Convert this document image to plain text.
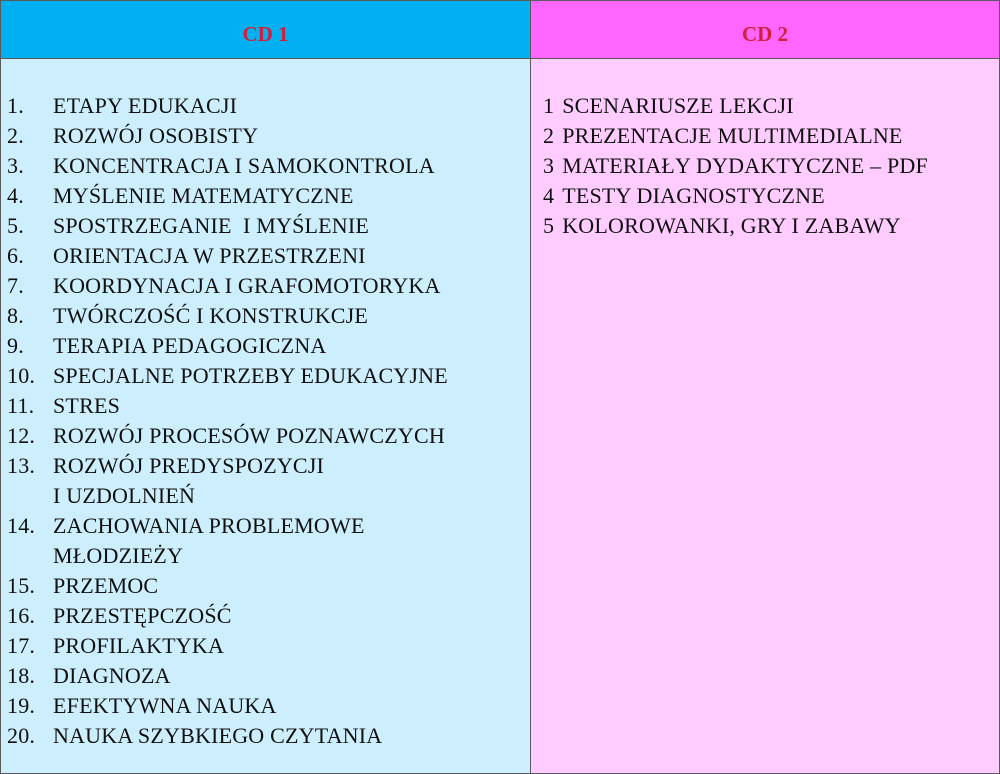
CD 1
1.	ETAPY EDUKACJI
2.	ROZWÓJ OSOBISTY
3.	KONCENTRACJA I SAMOKONTROLA
4.	MYŚLENIE MATEMATYCZNE
5.	SPOSTRZEGANIE  I MYŚLENIE
6.	ORIENTACJA W PRZESTRZENI
7.	KOORDYNACJA I GRAFOMOTORYKA
8.	TWÓRCZOŚĆ I KONSTRUKCJE
9.	TERAPIA PEDAGOGICZNA
10. SPECJALNE POTRZEBY EDUKACYJNE
11. STRES
12. ROZWÓJ PROCESÓW POZNAWCZYCH
13. ROZWÓJ PREDYSPOZYCJI
I UZDOLNIEŃ
14. ZACHOWANIA PROBLEMOWE
MŁODZIEŻY
15. PRZEMOC
16. PRZESTĘPCZOŚĆ
17. PROFILAKTYKA
18. DIAGNOZA
19. EFEKTYWNA NAUKA
20. NAUKA SZYBKIEGO CZYTANIA
CD 2
1 SCENARIUSZE LEKCJI
2 PREZENTACJE MULTIMEDIALNE
3 MATERIAŁY DYDAKTYCZNE – PDF
4 TESTY DIAGNOSTYCZNE
5 KOLOROWANKI, GRY I ZABAWY
